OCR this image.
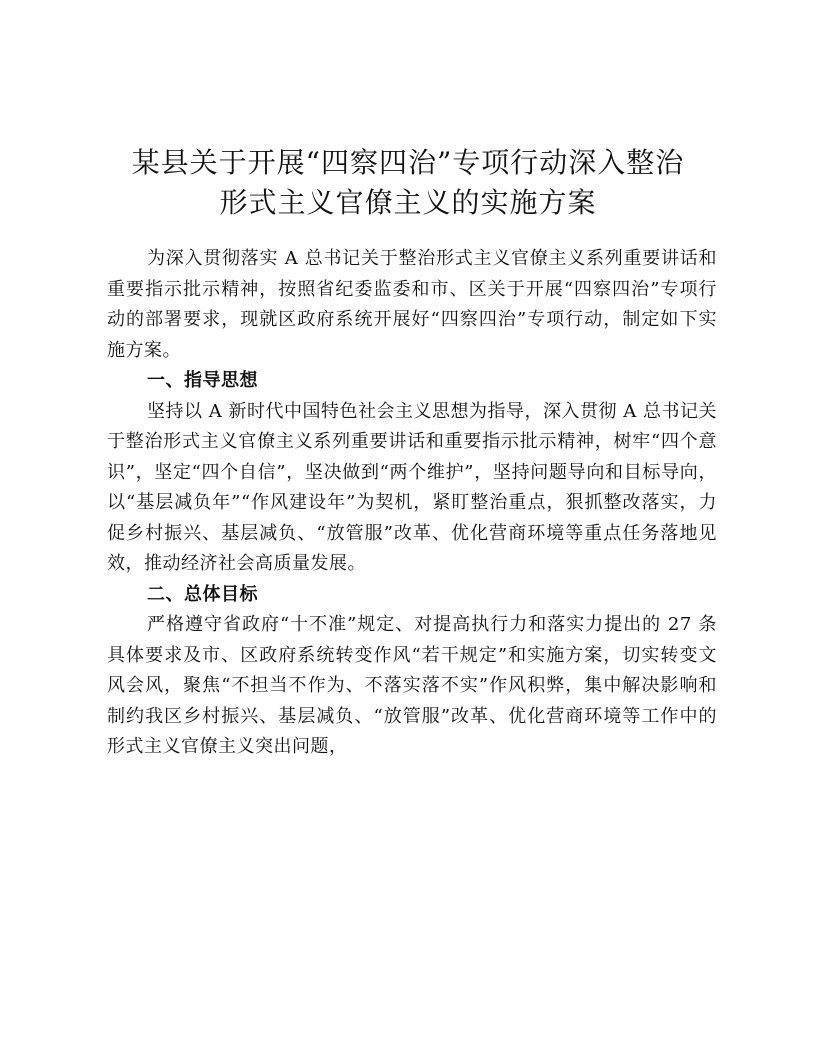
某县关于开展“四察四治”专项行动深入整治
形式主义官僚主义的实施方案

为深入贯彻落实 A 总书记关于整治形式主义官僚主义系列重要讲话和重要指示批示精神，按照省纪委监委和市、区关于开展“四察四治”专项行动的部署要求，现就区政府系统开展好“四察四治”专项行动，制定如下实施方案。

一、指导思想

坚持以 A 新时代中国特色社会主义思想为指导，深入贯彻 A 总书记关于整治形式主义官僚主义系列重要讲话和重要指示批示精神，树牢“四个意识”，坚定“四个自信”，坚决做到“两个维护”，坚持问题导向和目标导向，以“基层减负年”“作风建设年”为契机，紧盯整治重点，狠抓整改落实，力促乡村振兴、基层减负、“放管服”改革、优化营商环境等重点任务落地见效，推动经济社会高质量发展。

二、总体目标

严格遵守省政府“十不准”规定、对提高执行力和落实力提出的 27 条具体要求及市、区政府系统转变作风“若干规定”和实施方案，切实转变文风会风，聚焦“不担当不作为、不落实落不实”作风积弊，集中解决影响和制约我区乡村振兴、基层减负、“放管服”改革、优化营商环境等工作中的形式主义官僚主义突出问题，
